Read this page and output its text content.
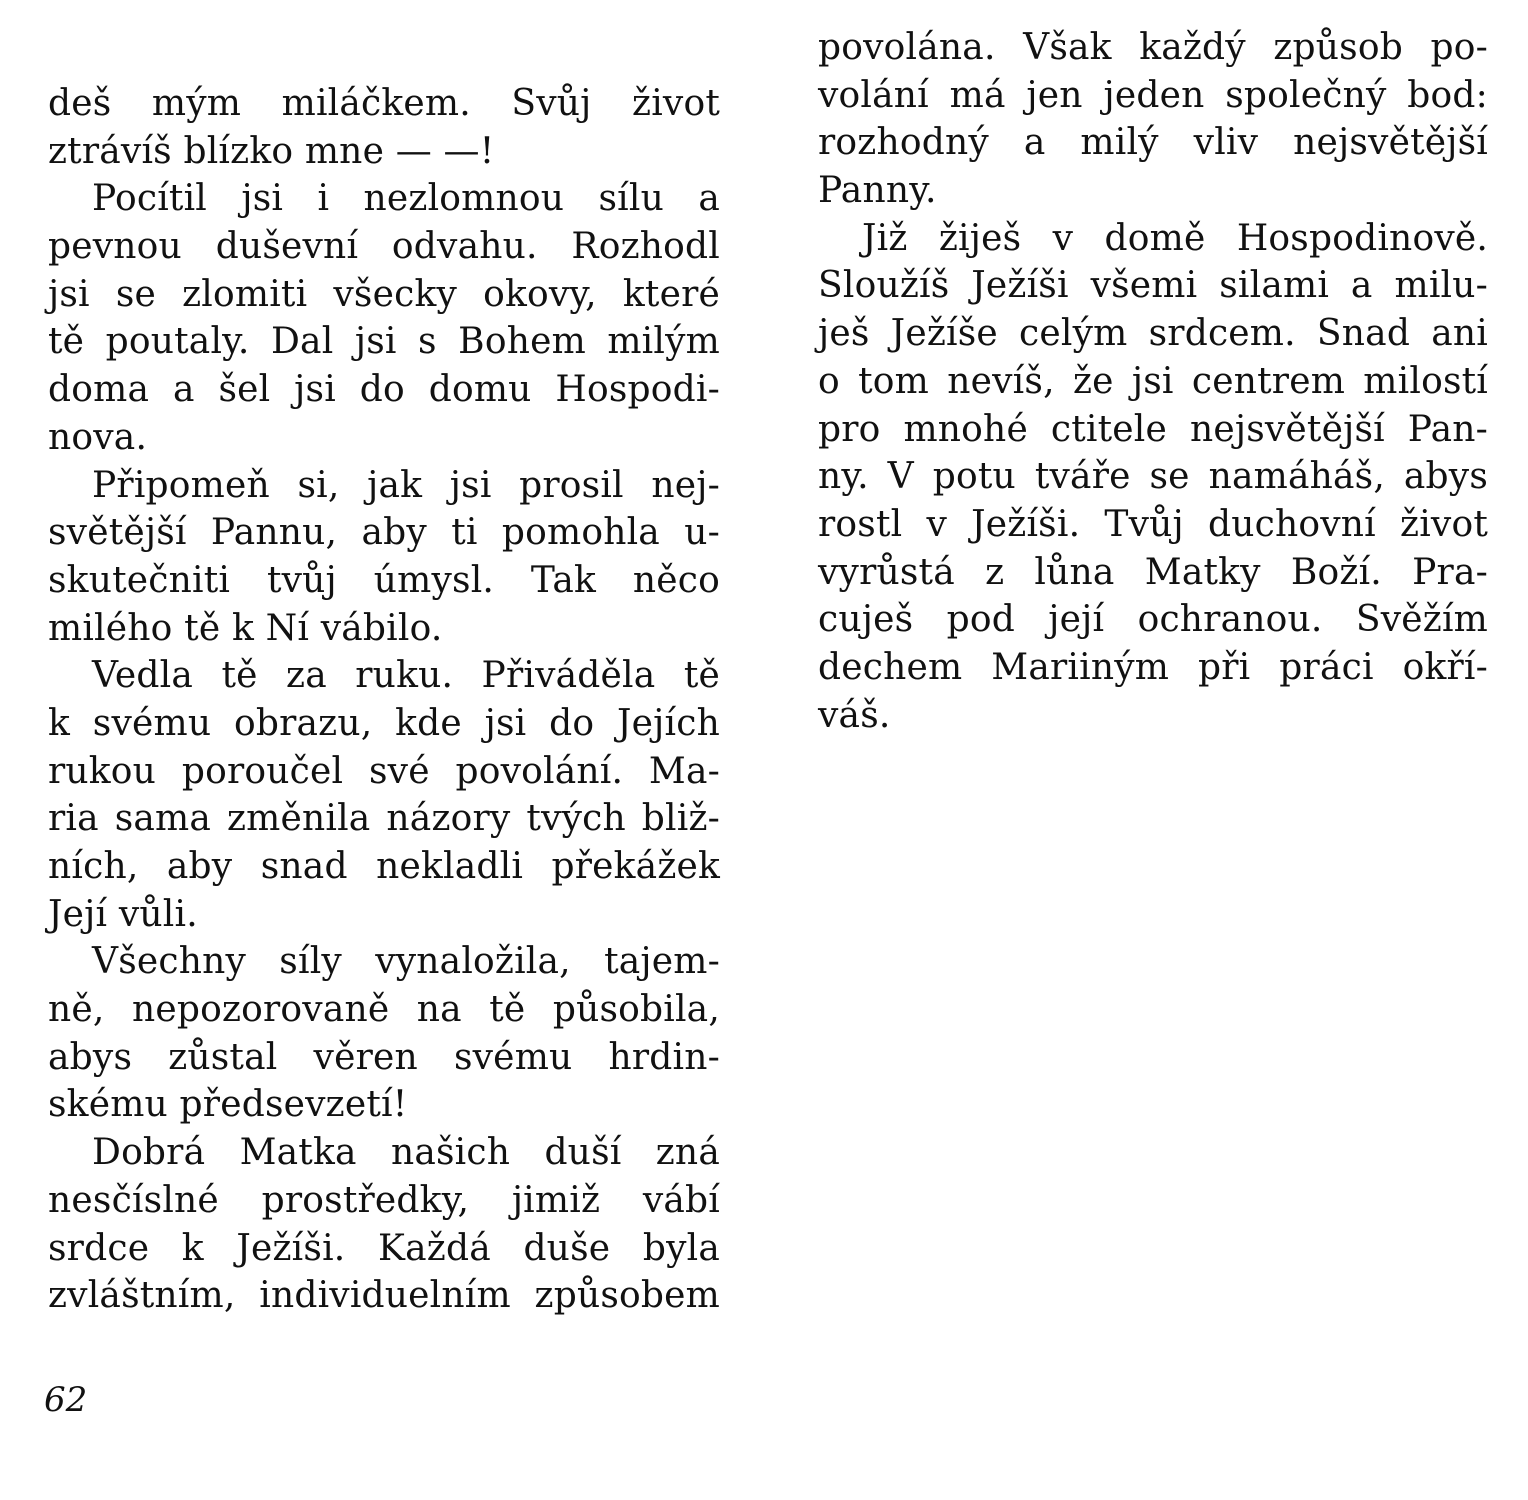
deš mým miláčkem. Svůj život
ztrávíš blízko mne — —!

Pocítil jsi i nezlomnou sílu a
pevnou duševní odvahu. Rozhodl
jsi se zlomiti všecky okovy, které
tě poutaly. Dal jsi s Bohem milým
doma a šel jsi do domu Hospodi-
nova.

Připomeň si, jak jsi prosil nej-
světější Pannu, aby ti pomohla u-
skutečniti tvůj úmysl. Tak něco
milého tě k Ní vábilo.

Vedla tě za ruku. Přiváděla tě
k svému obrazu, kde jsi do Jejích
rukou poroučel své povolání. Ma-
ria sama změnila názory tvých bliž-
ních, aby snad nekladli překážek
Její vůli.

Všechny síly vynaložila, tajem-
ně, nepozorovaně na tě působila,
abys zůstal věren svému hrdin-
skému předsevzetí!

Dobrá Matka našich duší zná
nesčíslné prostředky, jimiž vábí
srdce k Ježíši. Každá duše byla
zvláštním, individuelním způsobem

povolána. Však každý způsob po-
volání má jen jeden společný bod:
rozhodný a milý vliv nejsvětější
Panny.

Již žiješ v domě Hospodinově.
Sloužíš Ježíši všemi silami a milu-
ješ Ježíše celým srdcem. Snad ani
o tom nevíš, že jsi centrem milostí
pro mnohé ctitele nejsvětější Pan-
ny. V potu tváře se namáháš, abys
rostl v Ježíši. Tvůj duchovní život
vyrůstá z lůna Matky Boží. Pra-
cuješ pod její ochranou. Svěžím
dechem Mariiným při práci okří-
váš.

62
